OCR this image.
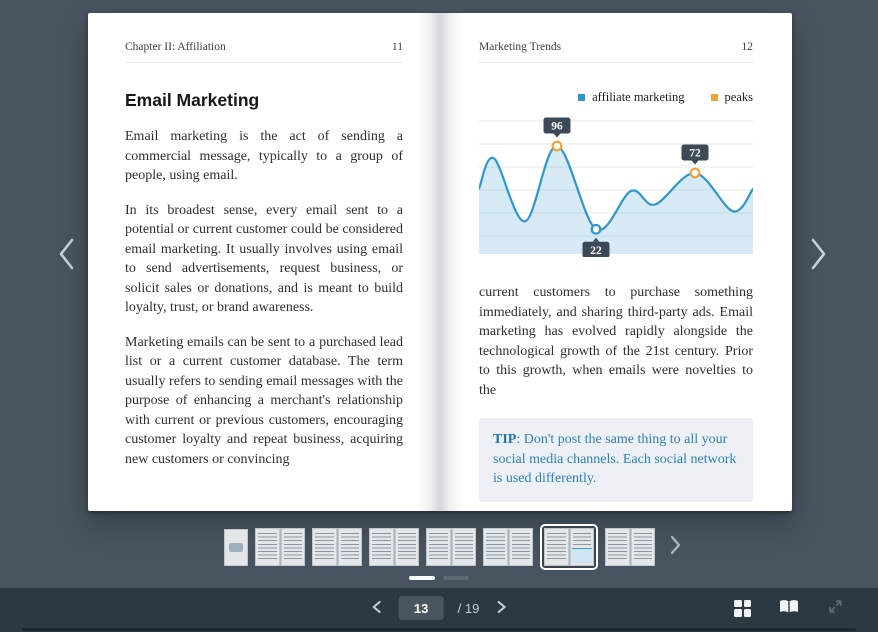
Chapter II: Affiliation	11
Email Marketing

Email marketing is the act of sending a commercial message, typically to a group of people, using email.

In its broadest sense, every email sent to a potential or current customer could be considered email marketing. It usually involves using email to send advertisements, request business, or solicit sales or donations, and is meant to build loyalty, trust, or brand awareness.

Marketing emails can be sent to a purchased lead list or a current customer database. The term usually refers to sending email messages with the purpose of enhancing a merchant's relationship with current or previous customers, encouraging customer loyalty and repeat business, acquiring new customers or convincing

Marketing Trends	12
affiliate marketing	peaks
96
22
72

current customers to purchase something immediately, and sharing third-party ads. Email marketing has evolved rapidly alongside the technological growth of the 21st century. Prior to this growth, when emails were novelties to the

TIP: Don't post the same thing to all your social media channels. Each social network is used differently.
13
/ 19
